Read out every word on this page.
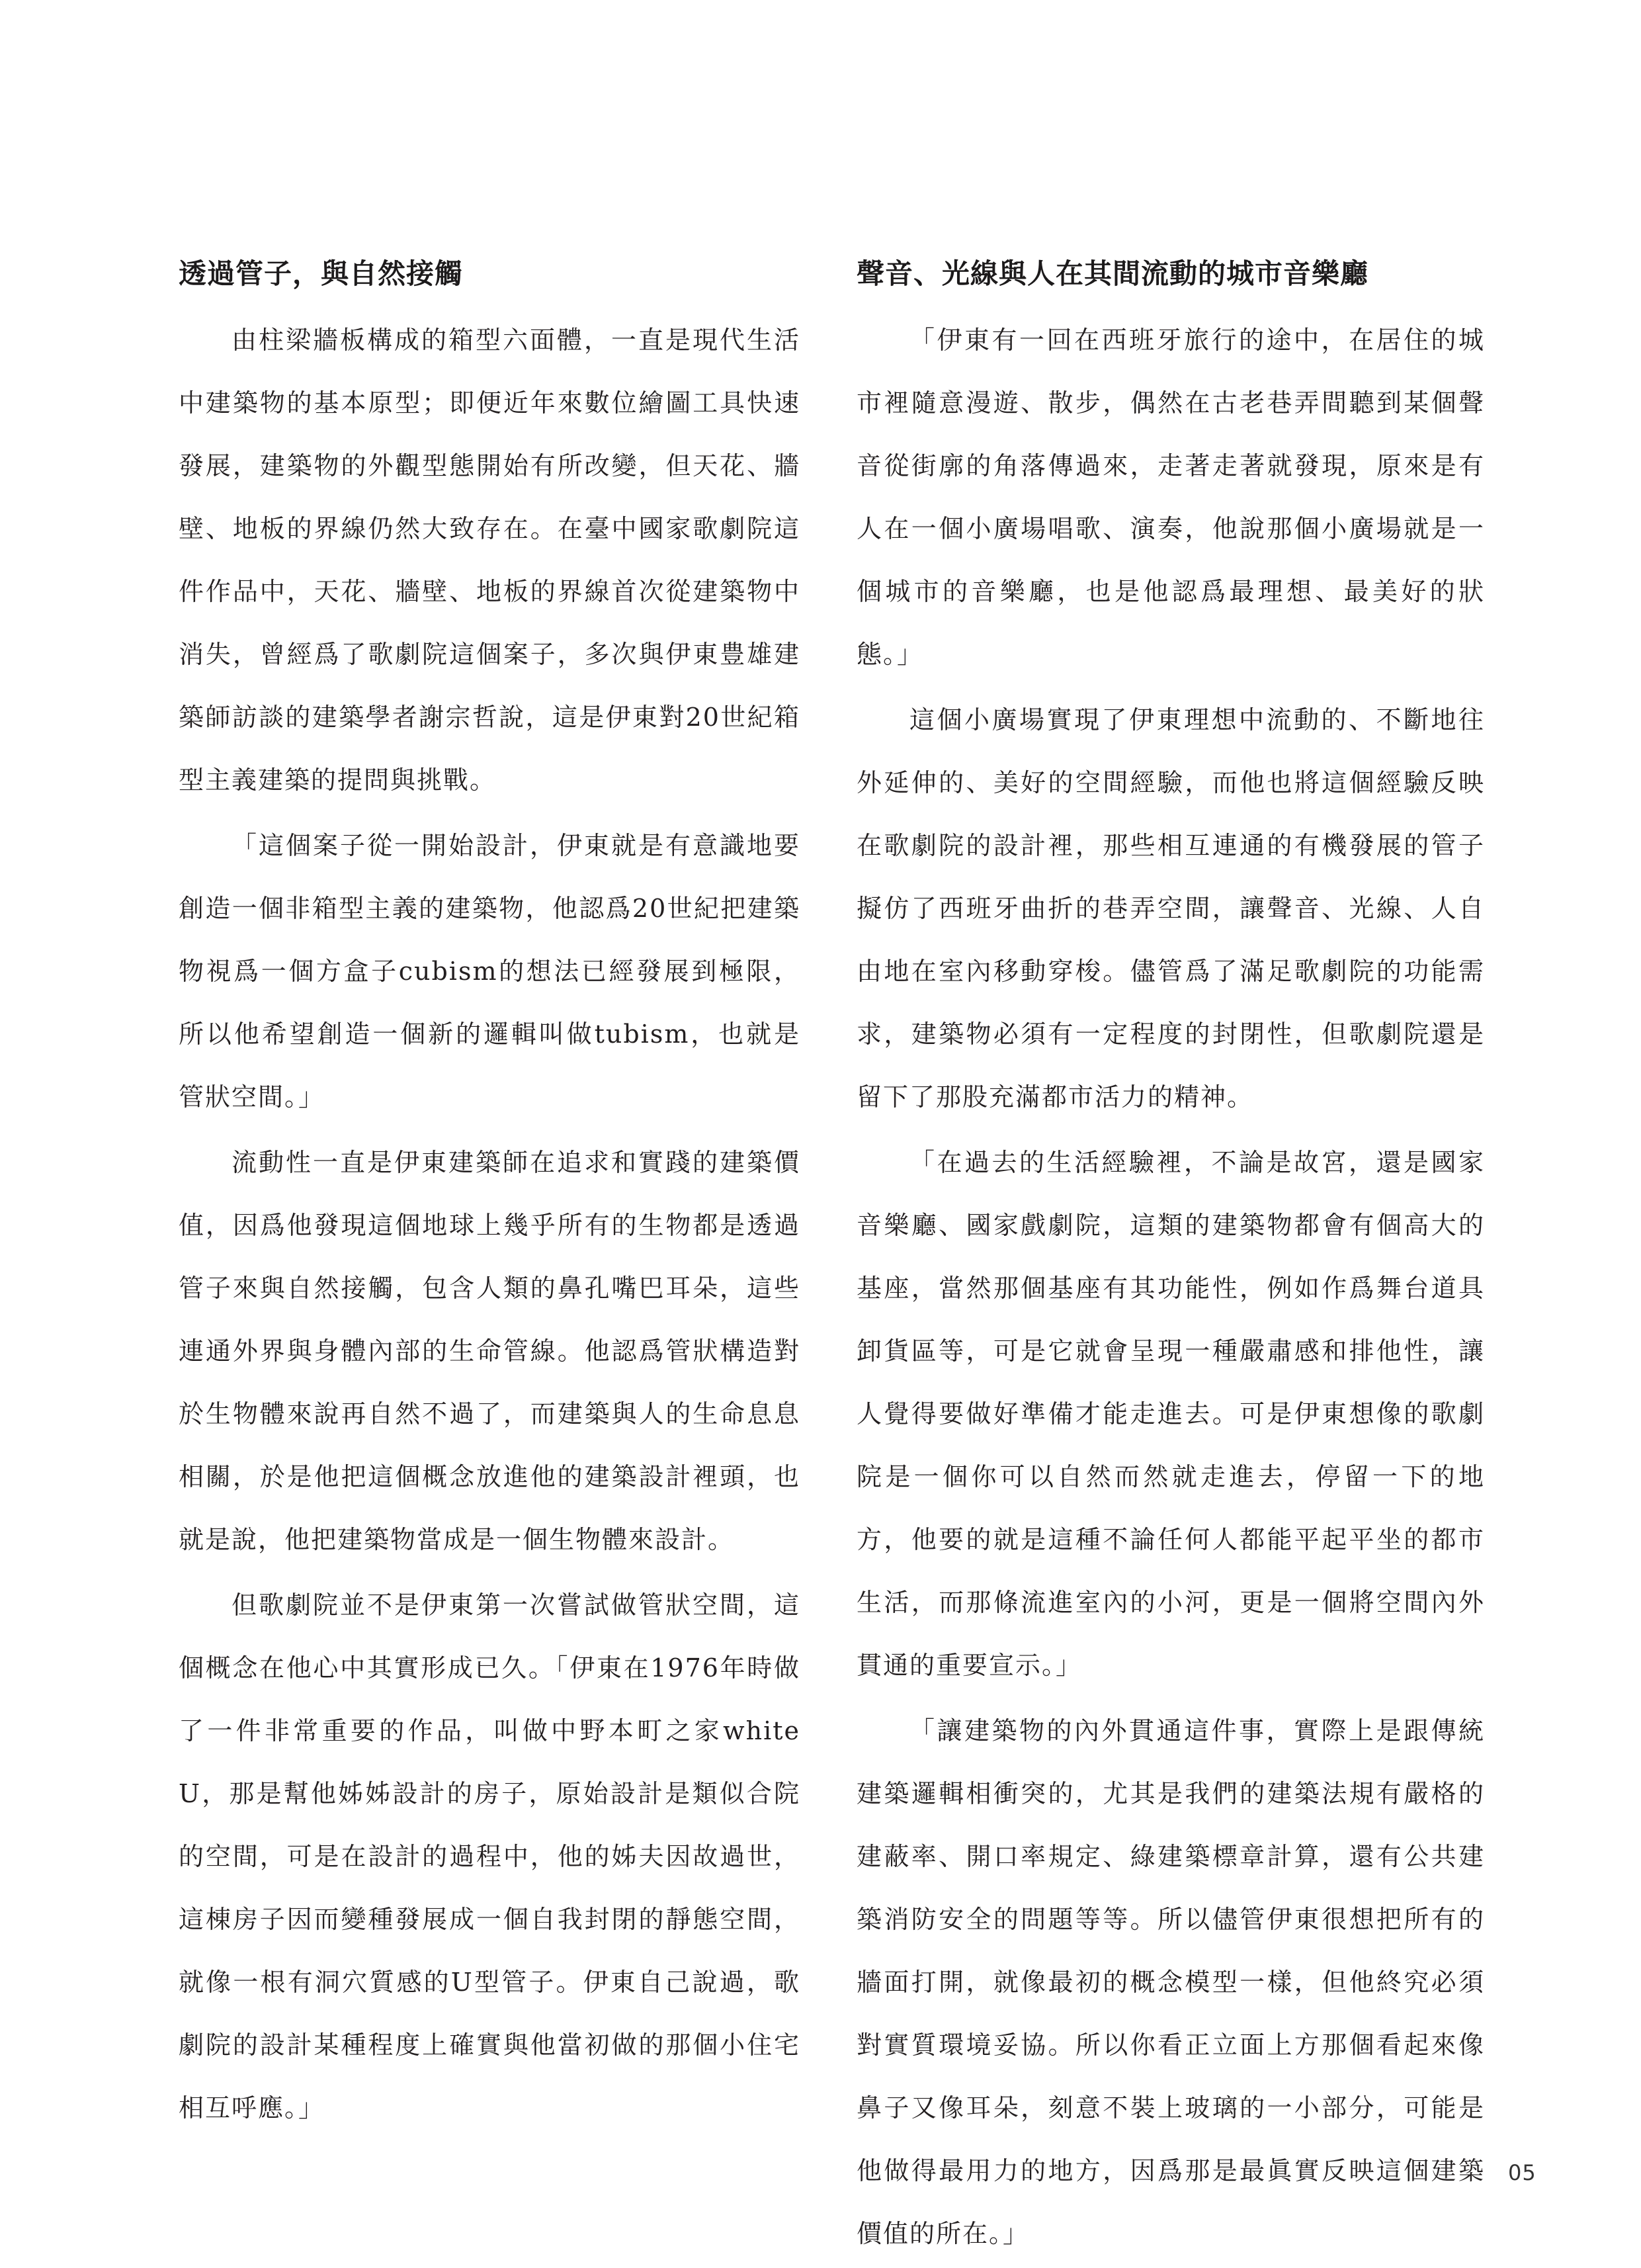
透過管子，與自然接觸

由柱梁牆板構成的箱型六面體，一直是現代生活中建築物的基本原型；即便近年來數位繪圖工具快速發展，建築物的外觀型態開始有所改變，但天花、牆壁、地板的界線仍然大致存在。在臺中國家歌劇院這件作品中，天花、牆壁、地板的界線首次從建築物中消失，曾經爲了歌劇院這個案子，多次與伊東豊雄建築師訪談的建築學者謝宗哲說，這是伊東對20世紀箱型主義建築的提問與挑戰。

「這個案子從一開始設計，伊東就是有意識地要創造一個非箱型主義的建築物，他認爲20世紀把建築物視爲一個方盒子cubism的想法已經發展到極限，所以他希望創造一個新的邏輯叫做tubism，也就是管狀空間。」

流動性一直是伊東建築師在追求和實踐的建築價值，因爲他發現這個地球上幾乎所有的生物都是透過管子來與自然接觸，包含人類的鼻孔嘴巴耳朵，這些連通外界與身體內部的生命管線。他認爲管狀構造對於生物體來說再自然不過了，而建築與人的生命息息相關，於是他把這個概念放進他的建築設計裡頭，也就是說，他把建築物當成是一個生物體來設計。

但歌劇院並不是伊東第一次嘗試做管狀空間，這個概念在他心中其實形成已久。「伊東在1976年時做了一件非常重要的作品，叫做中野本町之家white U，那是幫他姊姊設計的房子，原始設計是類似合院的空間，可是在設計的過程中，他的姊夫因故過世，這棟房子因而變種發展成一個自我封閉的靜態空間，就像一根有洞穴質感的U型管子。伊東自己說過，歌劇院的設計某種程度上確實與他當初做的那個小住宅相互呼應。」

聲音、光線與人在其間流動的城市音樂廳

「伊東有一回在西班牙旅行的途中，在居住的城市裡隨意漫遊、散步，偶然在古老巷弄間聽到某個聲音從街廓的角落傳過來，走著走著就發現，原來是有人在一個小廣場唱歌、演奏，他說那個小廣場就是一個城市的音樂廳，也是他認爲最理想、最美好的狀態。」

這個小廣場實現了伊東理想中流動的、不斷地往外延伸的、美好的空間經驗，而他也將這個經驗反映在歌劇院的設計裡，那些相互連通的有機發展的管子擬仿了西班牙曲折的巷弄空間，讓聲音、光線、人自由地在室內移動穿梭。儘管爲了滿足歌劇院的功能需求，建築物必須有一定程度的封閉性，但歌劇院還是留下了那股充滿都市活力的精神。

「在過去的生活經驗裡，不論是故宮，還是國家音樂廳、國家戲劇院，這類的建築物都會有個高大的基座，當然那個基座有其功能性，例如作爲舞台道具卸貨區等，可是它就會呈現一種嚴肅感和排他性，讓人覺得要做好準備才能走進去。可是伊東想像的歌劇院是一個你可以自然而然就走進去，停留一下的地方，他要的就是這種不論任何人都能平起平坐的都市生活，而那條流進室內的小河，更是一個將空間內外貫通的重要宣示。」

「讓建築物的內外貫通這件事，實際上是跟傳統建築邏輯相衝突的，尤其是我們的建築法規有嚴格的建蔽率、開口率規定、綠建築標章計算，還有公共建築消防安全的問題等等。所以儘管伊東很想把所有的牆面打開，就像最初的概念模型一樣，但他終究必須對實質環境妥協。所以你看正立面上方那個看起來像鼻子又像耳朵，刻意不裝上玻璃的一小部分，可能是他做得最用力的地方，因爲那是最眞實反映這個建築價值的所在。」

05
